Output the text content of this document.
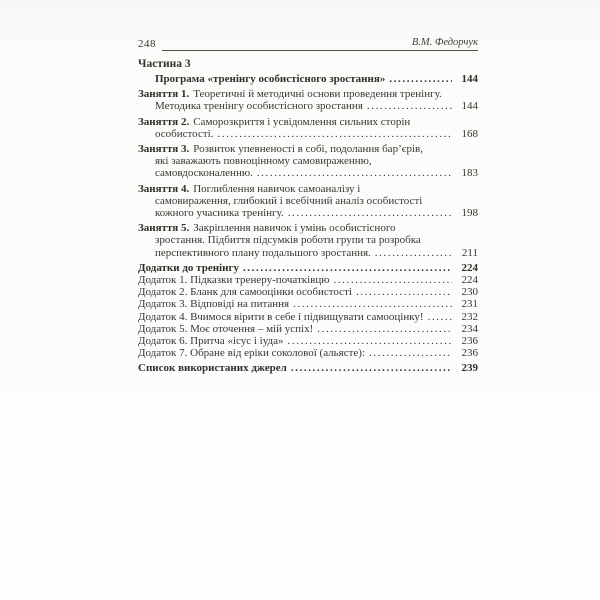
248	В.М. Федорчук
Частина 3
Програма «тренінгу особистісного зростання» .....	144
Заняття 1. Теоретичні й методичні основи проведення тренінгу.
Методика тренінгу особистісного зростання .....	144
Заняття 2. Саморозкриття і усвідомлення сильних сторін
особистості. .....	168
Заняття 3. Розвиток упевненості в собі, подолання бар’єрів,
які заважають повноцінному самовираженню,
самовдосконаленню. .....	183
Заняття 4. Поглиблення навичок самоаналізу і
самовираження, глибокий і всебічний аналіз особистості
кожного учасника тренінгу. .....	198
Заняття 5. Закріплення навичок і умінь особистісного
зростання. Підбиття підсумків роботи групи та розробка
перспективного плану подальшого зростання. .....	211
Додатки до тренінгу .....	224
Додаток 1. Підказки тренеру-початківцю .....	224
Додаток 2. Бланк для самооцінки особистості .....	230
Додаток 3. Відповіді на питання .....	231
Додаток 4. Вчимося вірити в себе і підвищувати самооцінку! .....	232
Додаток 5. Моє оточення – мій успіх! .....	234
Додаток 6. Притча «ісус і іуда» .....	236
Додаток 7. Обране від еріки соколової (альясте): .....	236
Список використаних джерел .....	239
